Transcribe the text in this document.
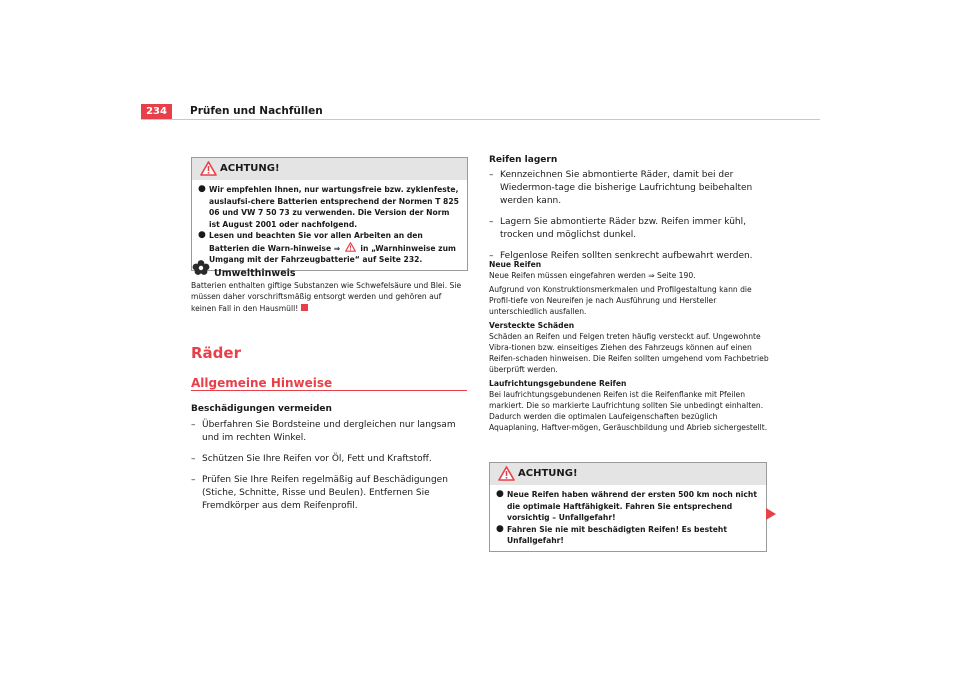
234	Prüfen und Nachfüllen
ACHTUNG!
● Wir empfehlen Ihnen, nur wartungsfreie bzw. zyklenfeste, auslaufsi-chere Batterien entsprechend der Normen T 825 06 und VW 7 50 73 zu verwenden. Die Version der Norm ist August 2001 oder nachfolgend.
● Lesen und beachten Sie vor allen Arbeiten an den Batterien die Warn-hinweise ⇒	in „Warnhinweise zum Umgang mit der Fahrzeugbatterie“ auf Seite 232.
Umwelthinweis
Batterien enthalten giftige Substanzen wie Schwefelsäure und Blei. Sie müssen daher vorschriftsmäßig entsorgt werden und gehören auf keinen Fall in den Hausmüll!
Räder
Allgemeine Hinweise
Beschädigungen vermeiden
– Überfahren Sie Bordsteine und dergleichen nur langsam und im rechten Winkel.
– Schützen Sie Ihre Reifen vor Öl, Fett und Kraftstoff.
– Prüfen Sie Ihre Reifen regelmäßig auf Beschädigungen (Stiche, Schnitte, Risse und Beulen). Entfernen Sie Fremdkörper aus dem Reifenprofil.
Reifen lagern
– Kennzeichnen Sie abmontierte Räder, damit bei der Wiedermon-tage die bisherige Laufrichtung beibehalten werden kann.
– Lagern Sie abmontierte Räder bzw. Reifen immer kühl, trocken und möglichst dunkel.
– Felgenlose Reifen sollten senkrecht aufbewahrt werden.
Neue Reifen
Neue Reifen müssen eingefahren werden ⇒ Seite 190.
Aufgrund von Konstruktionsmerkmalen und Profilgestaltung kann die Profil-tiefe von Neureifen je nach Ausführung und Hersteller unterschiedlich ausfallen.
Versteckte Schäden
Schäden an Reifen und Felgen treten häufig versteckt auf. Ungewohnte Vibra-tionen bzw. einseitiges Ziehen des Fahrzeugs können auf einen Reifen-schaden hinweisen. Die Reifen sollten umgehend vom Fachbetrieb überprüft werden.
Laufrichtungsgebundene Reifen
Bei laufrichtungsgebundenen Reifen ist die Reifenflanke mit Pfeilen markiert. Die so markierte Laufrichtung sollten Sie unbedingt einhalten. Dadurch werden die optimalen Laufeigenschaften bezüglich Aquaplaning, Haftver-mögen, Geräuschbildung und Abrieb sichergestellt.
ACHTUNG!
● Neue Reifen haben während der ersten 500 km noch nicht die optimale Haftfähigkeit. Fahren Sie entsprechend vorsichtig – Unfallgefahr!
● Fahren Sie nie mit beschädigten Reifen! Es besteht Unfallgefahr!
